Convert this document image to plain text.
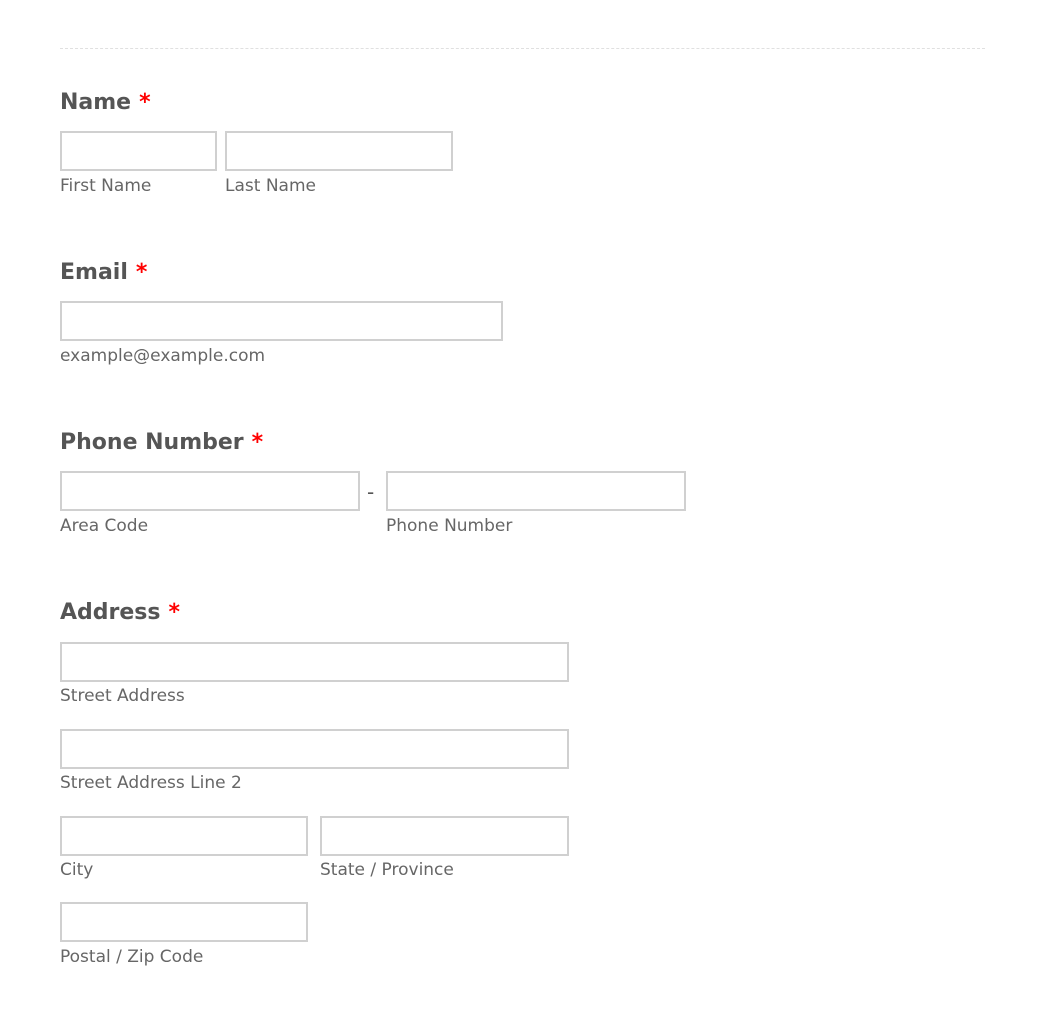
Name *
First Name	Last Name
Email *
example@example.com
Phone Number *
-
Area Code	Phone Number
Address *
Street Address
Street Address Line 2
City	State / Province
Postal / Zip Code
